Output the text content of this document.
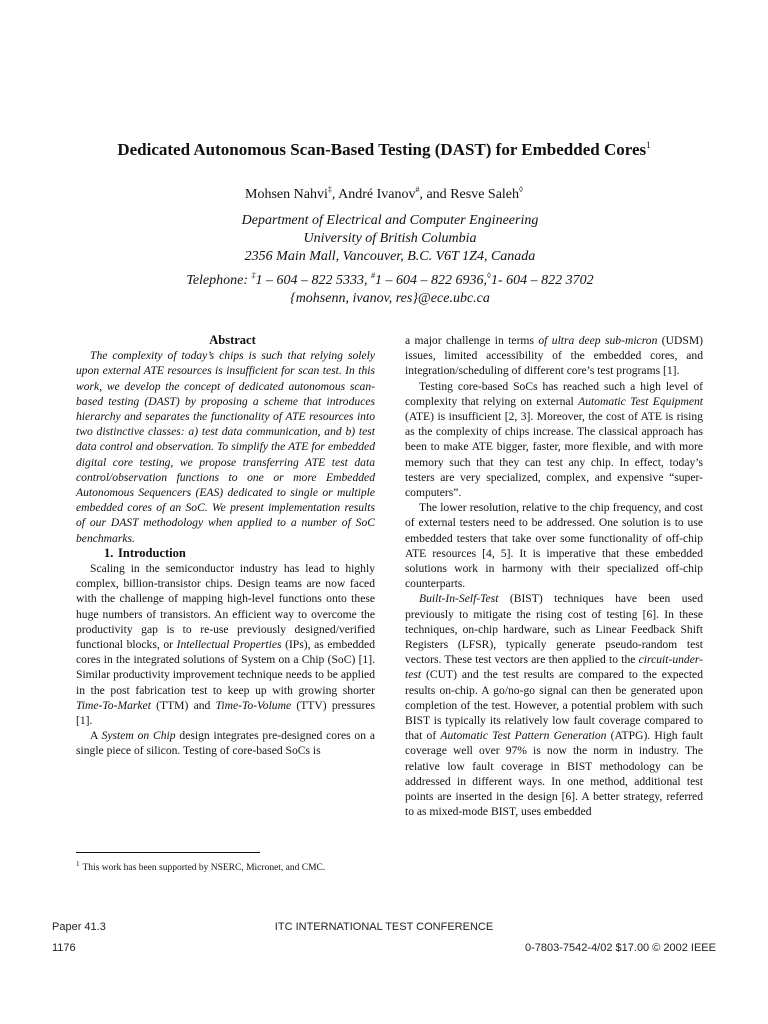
Dedicated Autonomous Scan-Based Testing (DAST) for Embedded Cores$^1$
Mohsen Nahvi‡, André Ivanov#, and Resve Saleh◊
Department of Electrical and Computer Engineering
University of British Columbia
2356 Main Mall, Vancouver, B.C. V6T 1Z4, Canada
Telephone: ‡1 – 604 – 822 5333, #1 – 604 – 822 6936,◊1- 604 – 822 3702
{mohsenn, ivanov, res}@ece.ubc.ca

Abstract

The complexity of today’s chips is such that relying solely upon external ATE resources is insufficient for scan test. In this work, we develop the concept of dedicated autonomous scan-based testing (DAST) by proposing a scheme that introduces hierarchy and separates the functionality of ATE resources into two distinctive classes: a) test data communication, and b) test data control and observation. To simplify the ATE for embedded digital core testing, we propose transferring ATE test data control/observation functions to one or more Embedded Autonomous Sequencers (EAS) dedicated to single or multiple embedded cores of an SoC. We present implementation results of our DAST methodology when applied to a number of SoC benchmarks.

1. Introduction

Scaling in the semiconductor industry has lead to highly complex, billion-transistor chips. Design teams are now faced with the challenge of mapping high-level functions onto these huge numbers of transistors. An efficient way to overcome the productivity gap is to re-use previously designed/verified functional blocks, or Intellectual Properties (IPs), as embedded cores in the integrated solutions of System on a Chip (SoC) [1]. Similar productivity improvement technique needs to be applied in the post fabrication test to keep up with growing shorter Time-To-Market (TTM) and Time-To-Volume (TTV) pressures [1].

A System on Chip design integrates pre-designed cores on a single piece of silicon. Testing of core-based SoCs is

a major challenge in terms of ultra deep sub-micron (UDSM) issues, limited accessibility of the embedded cores, and integration/scheduling of different core’s test programs [1].

Testing core-based SoCs has reached such a high level of complexity that relying on external Automatic Test Equipment (ATE) is insufficient [2, 3]. Moreover, the cost of ATE is rising as the complexity of chips increase. The classical approach has been to make ATE bigger, faster, more flexible, and with more memory such that they can test any chip. In effect, today’s testers are very specialized, complex, and expensive “super-computers”.

The lower resolution, relative to the chip frequency, and cost of external testers need to be addressed. One solution is to use embedded testers that take over some functionality of off-chip ATE resources [4, 5]. It is imperative that these embedded solutions work in harmony with their specialized off-chip counterparts.

Built-In-Self-Test (BIST) techniques have been used previously to mitigate the rising cost of testing [6]. In these techniques, on-chip hardware, such as Linear Feedback Shift Registers (LFSR), typically generate pseudo-random test vectors. These test vectors are then applied to the circuit-under-test (CUT) and the test results are compared to the expected results on-chip. A go/no-go signal can then be generated upon completion of the test. However, a potential problem with such BIST is typically its relatively low fault coverage compared to that of Automatic Test Pattern Generation (ATPG). High fault coverage well over 97% is now the norm in industry. The relative low fault coverage in BIST methodology can be addressed in different ways. In one method, additional test points are inserted in the design [6]. A better strategy, referred to as mixed-mode BIST, uses embedded

$^1$ This work has been supported by NSERC, Micronet, and CMC.
Paper 41.3
1176
ITC INTERNATIONAL TEST CONFERENCE
0-7803-7542-4/02 $17.00 © 2002 IEEE
